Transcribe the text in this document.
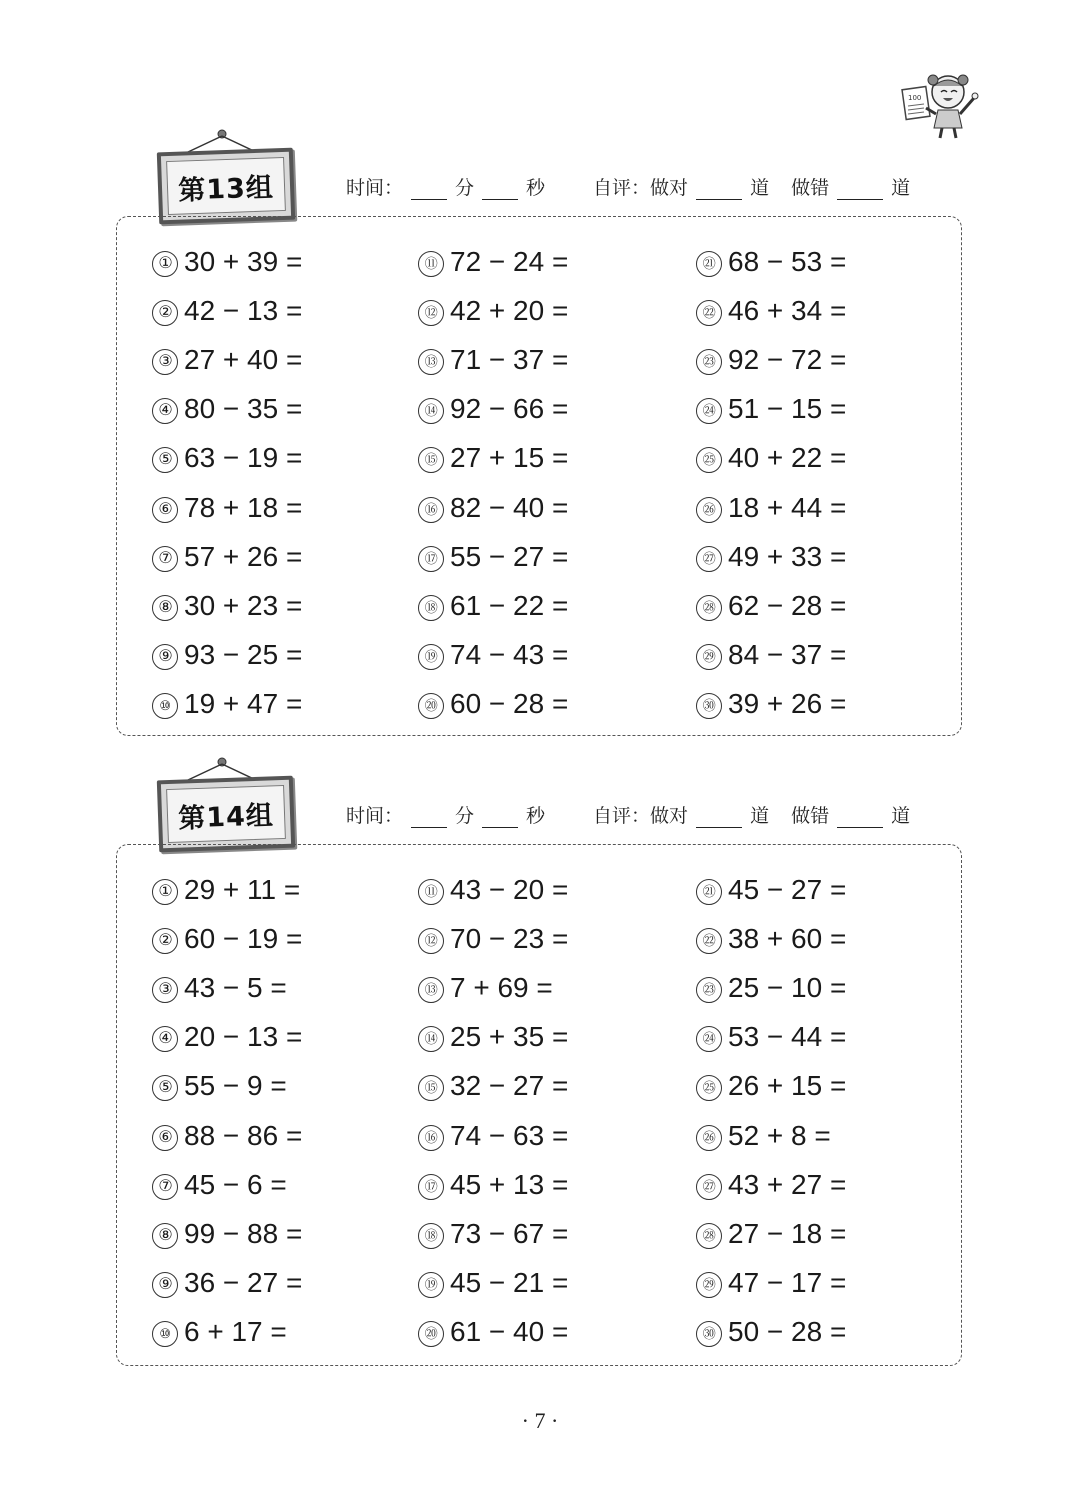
100
第13组	时间：	分	秒	自评：做对	道 做错	道
① 30 + 39 =
② 42 − 13 =
③ 27 + 40 =
④ 80 − 35 =
⑤ 63 − 19 =
⑥ 78 + 18 =
⑦ 57 + 26 =
⑧ 30 + 23 =
⑨ 93 − 25 =
⑩ 19 + 47 =
⑪ 72 − 24 =
⑫ 42 + 20 =
⑬ 71 − 37 =
⑭ 92 − 66 =
⑮ 27 + 15 =
⑯ 82 − 40 =
⑰ 55 − 27 =
⑱ 61 − 22 =
⑲ 74 − 43 =
⑳ 60 − 28 =
㉑ 68 − 53 =
㉒ 46 + 34 =
㉓ 92 − 72 =
㉔ 51 − 15 =
㉕ 40 + 22 =
㉖ 18 + 44 =
㉗ 49 + 33 =
㉘ 62 − 28 =
㉙ 84 − 37 =
㉚ 39 + 26 =
第14组	时间：	分	秒	自评：做对	道 做错	道
① 29 + 11 =
② 60 − 19 =
③ 43 − 5 =
④ 20 − 13 =
⑤ 55 − 9 =
⑥ 88 − 86 =
⑦ 45 − 6 =
⑧ 99 − 88 =
⑨ 36 − 27 =
⑩ 6 + 17 =
⑪ 43 − 20 =
⑫ 70 − 23 =
⑬ 7 + 69 =
⑭ 25 + 35 =
⑮ 32 − 27 =
⑯ 74 − 63 =
⑰ 45 + 13 =
⑱ 73 − 67 =
⑲ 45 − 21 =
⑳ 61 − 40 =
㉑ 45 − 27 =
㉒ 38 + 60 =
㉓ 25 − 10 =
㉔ 53 − 44 =
㉕ 26 + 15 =
㉖ 52 + 8 =
㉗ 43 + 27 =
㉘ 27 − 18 =
㉙ 47 − 17 =
㉚ 50 − 28 =
· 7 ·
